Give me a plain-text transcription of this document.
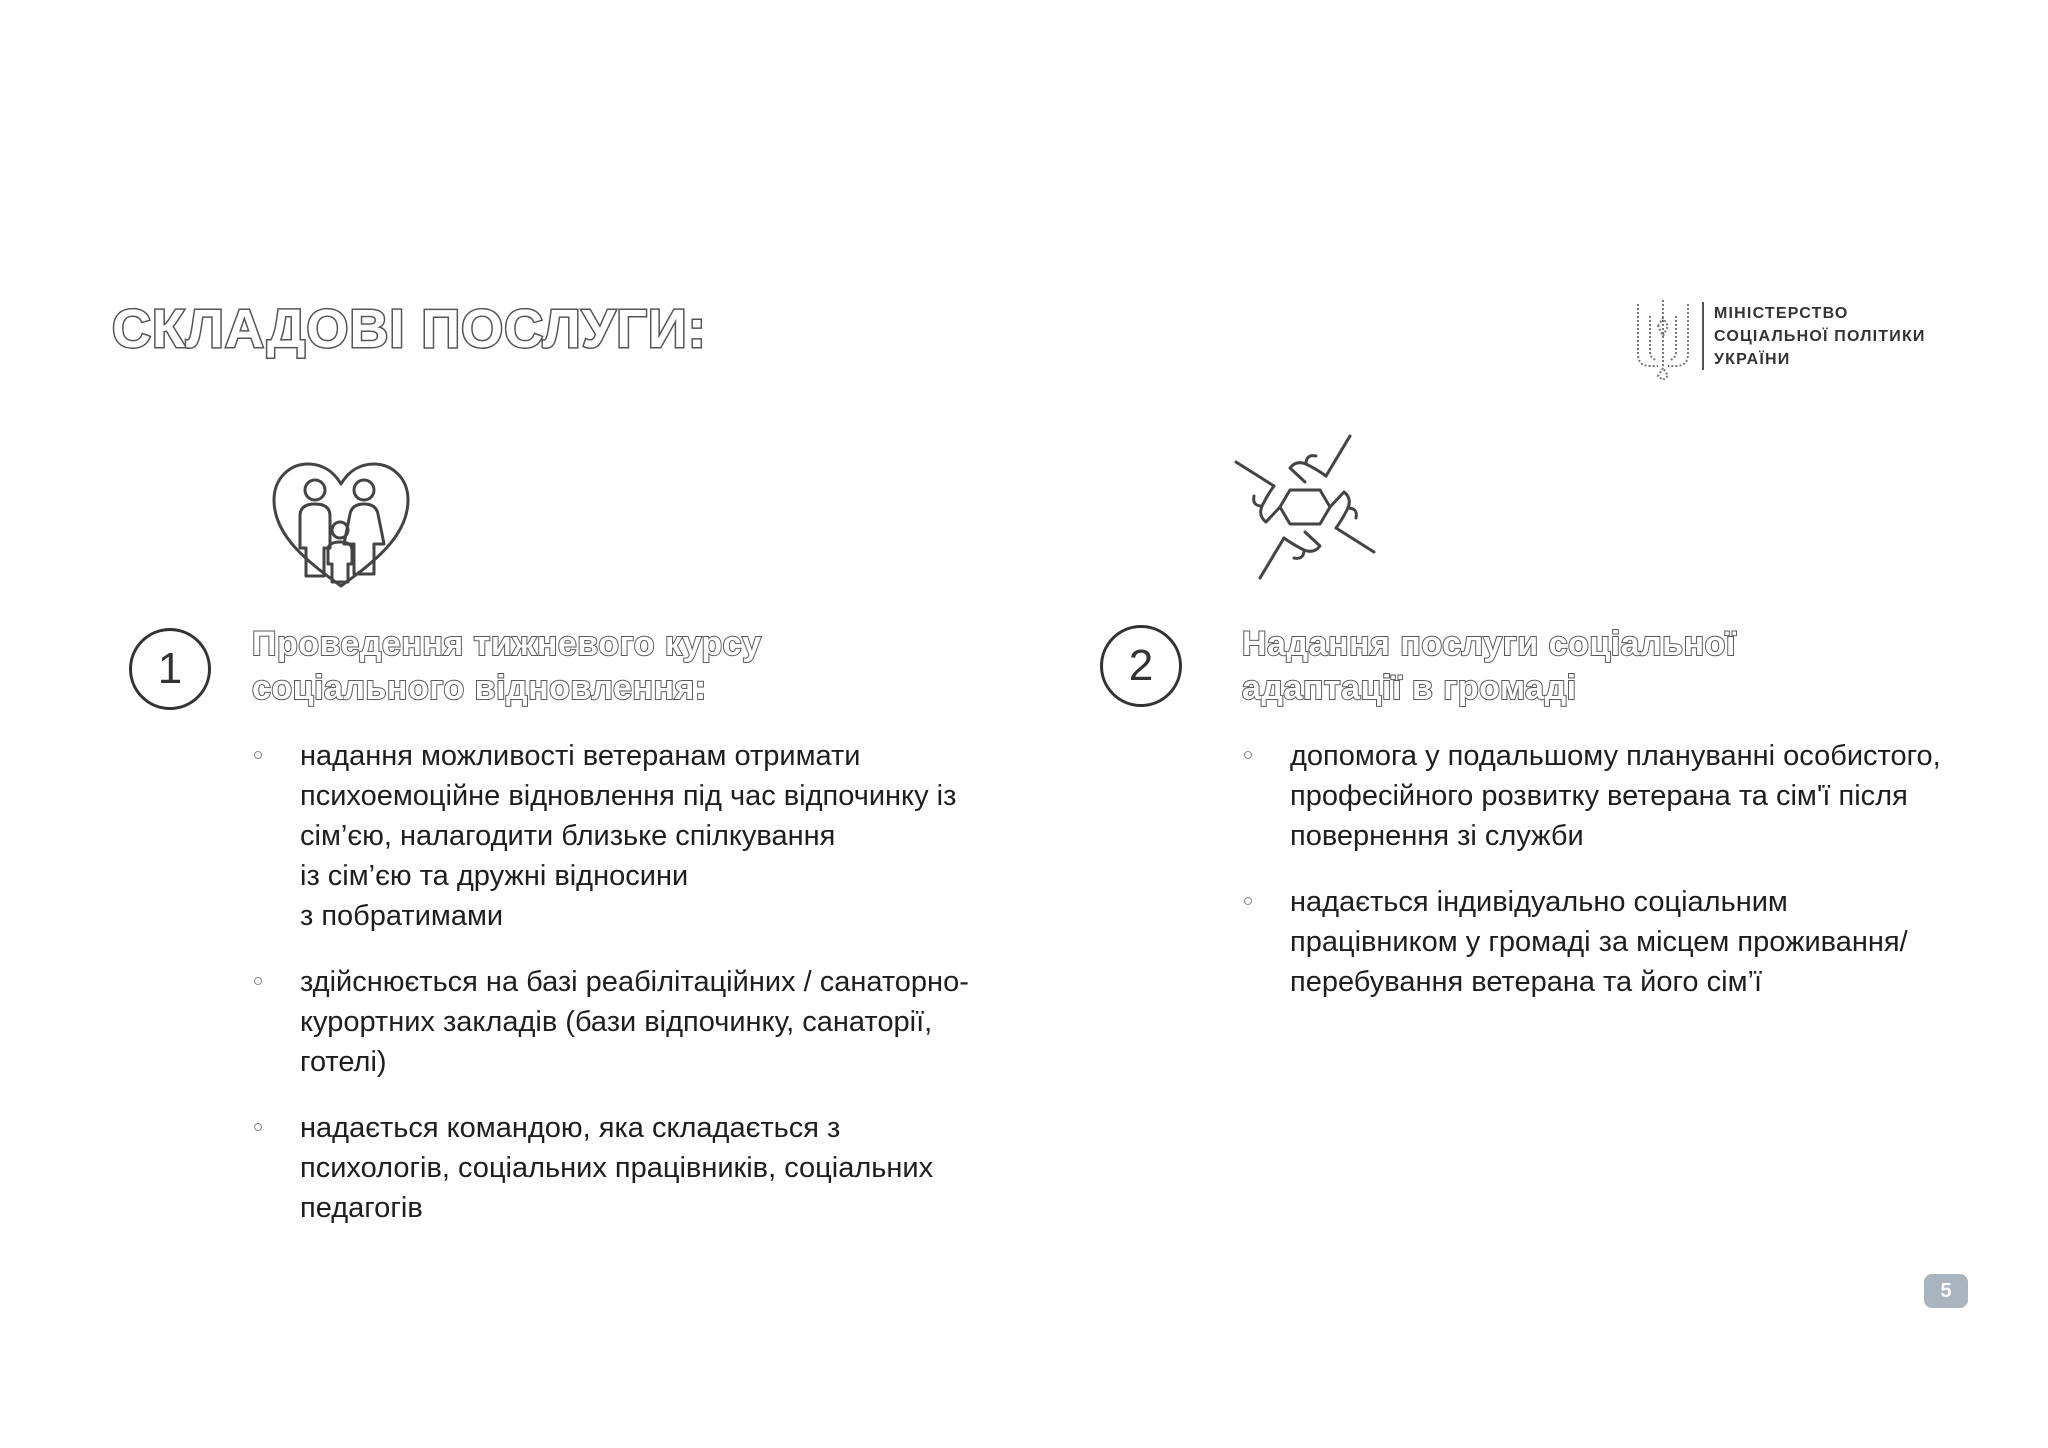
СКЛАДОВІ ПОСЛУГИ:	МІНІСТЕРСТВО
СОЦІАЛЬНОЇ ПОЛІТИКИ
УКРАЇНИ
1	Проведення тижневого курсу соціального відновлення:
надання можливості ветеранам отримати психоемоційне відновлення під час відпочинку із сім’єю, налагодити близьке спілкування
із сім’єю та дружні відносини
з побратимами
здійснюється на базі реабілітаційних / санаторно-курортних закладів (бази відпочинку, санаторії, готелі)
надається командою, яка складається з психологів, соціальних працівників, соціальних педагогів
2	Надання послуги соціальної адаптації в громаді
допомога у подальшому плануванні особистого, професійного розвитку ветерана та сім'ї після повернення зі служби
надається індивідуально соціальним працівником у громаді за місцем проживання/ перебування ветерана та його сім’ї
5
